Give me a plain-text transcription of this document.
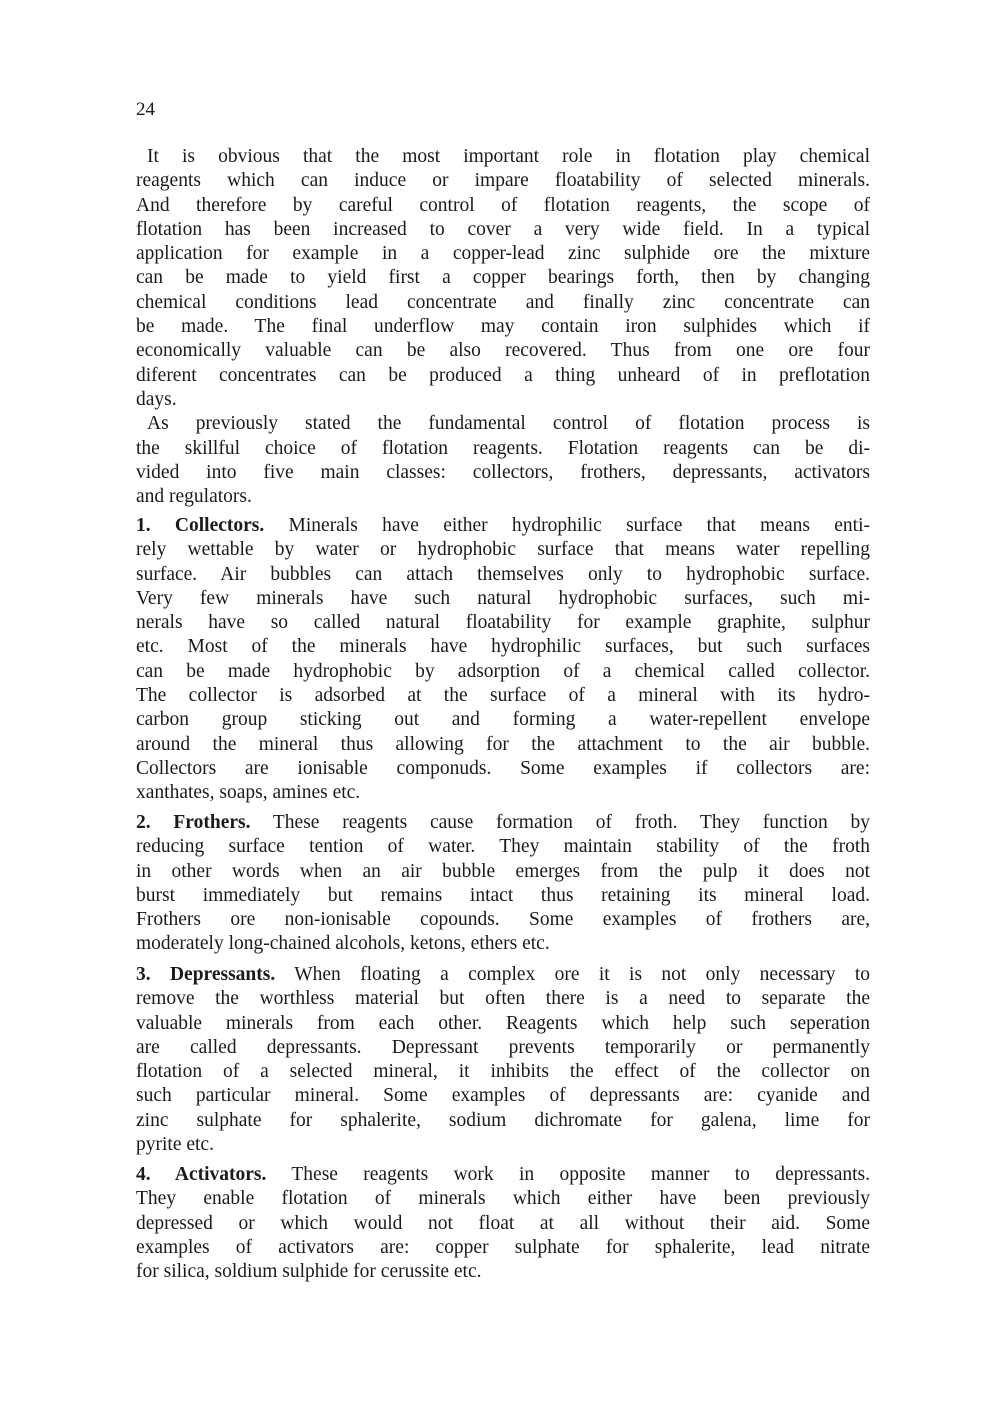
24
It is obvious that the most important role in flotation play chemical
reagents which can induce or impare floatability of selected minerals.
And therefore by careful control of flotation reagents, the scope of
flotation has been increased to cover a very wide field. In a typical
application for example in a copper-lead zinc sulphide ore the mixture
can be made to yield first a copper bearings forth, then by changing
chemical conditions lead concentrate and finally zinc concentrate can
be made. The final underflow may contain iron sulphides which if
economically valuable can be also recovered. Thus from one ore four
diferent concentrates can be produced a thing unheard of in preflotation
days.
As previously stated the fundamental control of flotation process is
the skillful choice of flotation reagents. Flotation reagents can be di-
vided into five main classes: collectors, frothers, depressants, activators
and regulators.
1. Collectors. Minerals have either hydrophilic surface that means enti-
rely wettable by water or hydrophobic surface that means water repelling
surface. Air bubbles can attach themselves only to hydrophobic surface.
Very few minerals have such natural hydrophobic surfaces, such mi-
nerals have so called natural floatability for example graphite, sulphur
etc. Most of the minerals have hydrophilic surfaces, but such surfaces
can be made hydrophobic by adsorption of a chemical called collector.
The collector is adsorbed at the surface of a mineral with its hydro-
carbon group sticking out and forming a water-repellent envelope
around the mineral thus allowing for the attachment to the air bubble.
Collectors are ionisable componuds. Some examples if collectors are:
xanthates, soaps, amines etc.
2. Frothers. These reagents cause formation of froth. They function by
reducing surface tention of water. They maintain stability of the froth
in other words when an air bubble emerges from the pulp it does not
burst immediately but remains intact thus retaining its mineral load.
Frothers ore non-ionisable copounds. Some examples of frothers are,
moderately long-chained alcohols, ketons, ethers etc.
3. Depressants. When floating a complex ore it is not only necessary to
remove the worthless material but often there is a need to separate the
valuable minerals from each other. Reagents which help such seperation
are called depressants. Depressant prevents temporarily or permanently
flotation of a selected mineral, it inhibits the effect of the collector on
such particular mineral. Some examples of depressants are: cyanide and
zinc sulphate for sphalerite, sodium dichromate for galena, lime for
pyrite etc.
4. Activators. These reagents work in opposite manner to depressants.
They enable flotation of minerals which either have been previously
depressed or which would not float at all without their aid. Some
examples of activators are: copper sulphate for sphalerite, lead nitrate
for silica, soldium sulphide for cerussite etc.
